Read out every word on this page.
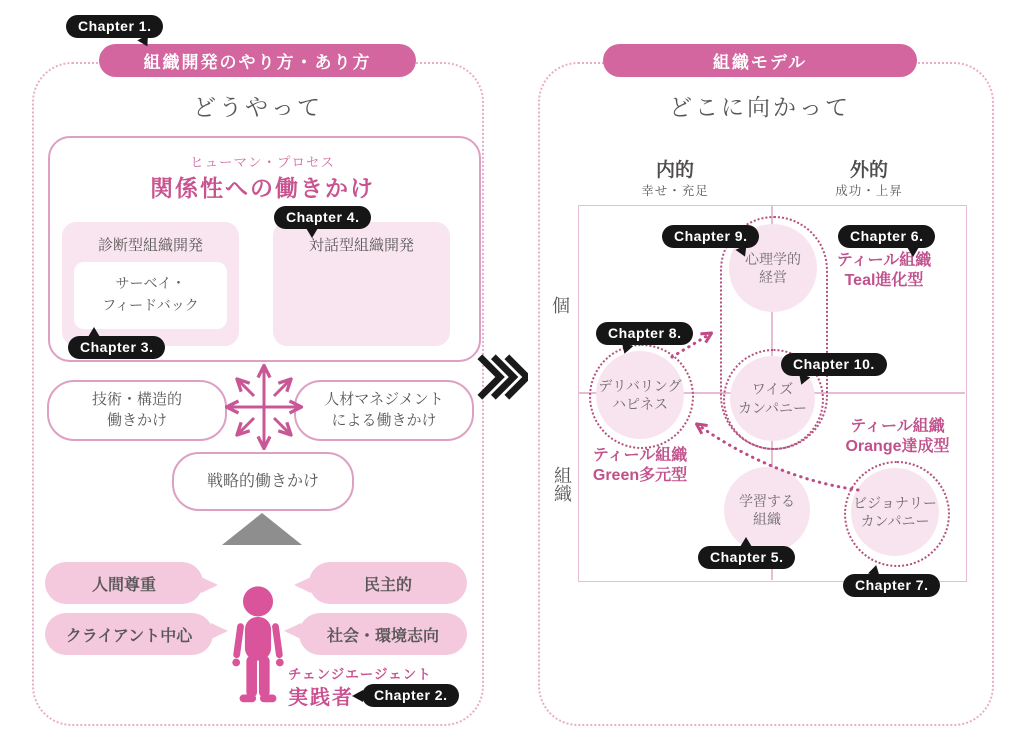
Chapter 1.
組織開発のやり方・あり方
どうやって
ヒューマン・プロセス
関係性への働きかけ
診断型組織開発
サーベイ・
フィードバック
Chapter 3.
対話型組織開発
Chapter 4.
技術・構造的
働きかけ
人材マネジメント
による働きかけ
戦略的働きかけ
人間尊重	民主的
クライアント中心	社会・環境志向
チェンジエージェント
実践者	Chapter 2.
組織モデル
どこに向かって
内的
幸せ・充足
外的
成功・上昇
個
組織
心理学的
経営
ワイズ
カンパニー
デリバリング
ハピネス
学習する
組織
ビジョナリー
カンパニー
ティール組織
Teal進化型
ティール組織
Green多元型
ティール組織
Orange達成型
Chapter 9.	Chapter 6.
Chapter 8.
Chapter 10.
Chapter 5.
Chapter 7.
